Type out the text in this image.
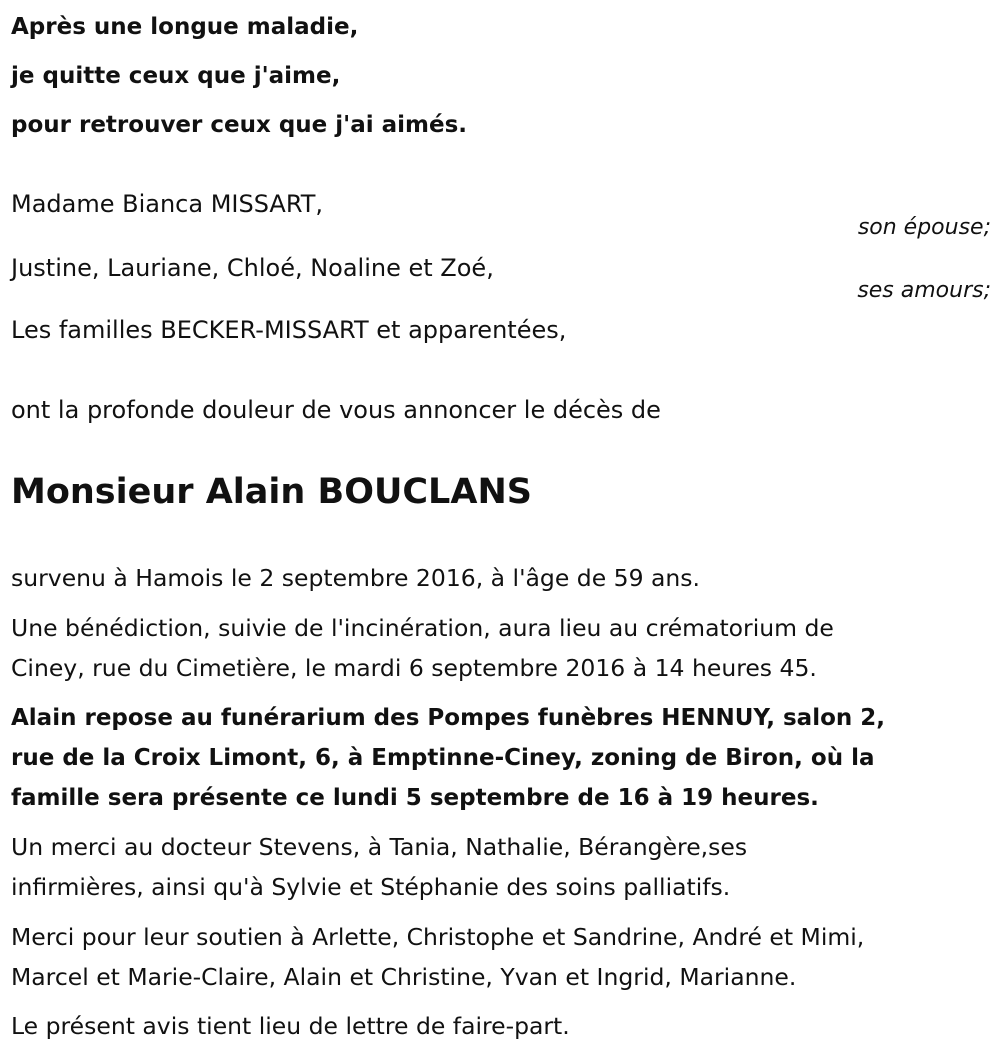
Après une longue maladie,
je quitte ceux que j'aime,
pour retrouver ceux que j'ai aimés.
Madame Bianca MISSART,
son épouse;
Justine, Lauriane, Chloé, Noaline et Zoé,
ses amours;
Les familles BECKER-MISSART et apparentées,
ont la profonde douleur de vous annoncer le décès de
Monsieur Alain BOUCLANS
survenu à Hamois le 2 septembre 2016, à l'âge de 59 ans.
Une bénédiction, suivie de l'incinération, aura lieu au crématorium de
Ciney, rue du Cimetière, le mardi 6 septembre 2016 à 14 heures 45.
Alain repose au funérarium des Pompes funèbres HENNUY, salon 2,
rue de la Croix Limont, 6, à Emptinne-Ciney, zoning de Biron, où la
famille sera présente ce lundi 5 septembre de 16 à 19 heures.
Un merci au docteur Stevens, à Tania, Nathalie, Bérangère,ses
infirmières, ainsi qu'à Sylvie et Stéphanie des soins palliatifs.
Merci pour leur soutien à Arlette, Christophe et Sandrine, André et Mimi,
Marcel et Marie-Claire, Alain et Christine, Yvan et Ingrid, Marianne.
Le présent avis tient lieu de lettre de faire-part.
